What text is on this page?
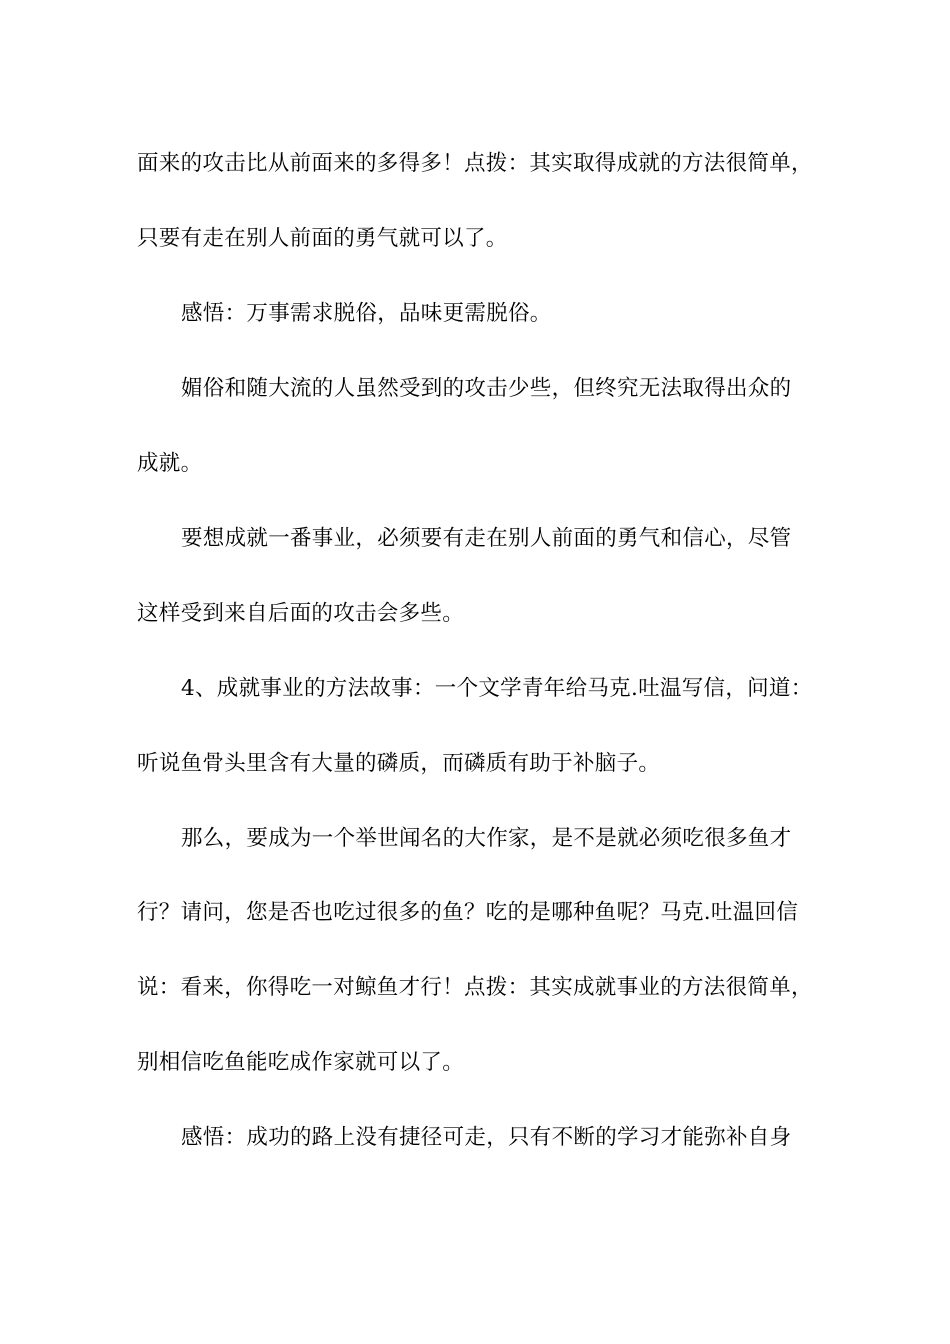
面来的攻击比从前面来的多得多！点拨：其实取得成就的方法很简单，
只要有走在别人前面的勇气就可以了。
感悟：万事需求脱俗，品味更需脱俗。
媚俗和随大流的人虽然受到的攻击少些，但终究无法取得出众的
成就。
要想成就一番事业，必须要有走在别人前面的勇气和信心，尽管
这样受到来自后面的攻击会多些。
4、成就事业的方法故事：一个文学青年给马克.吐温写信，问道：
听说鱼骨头里含有大量的磷质，而磷质有助于补脑子。
那么，要成为一个举世闻名的大作家，是不是就必须吃很多鱼才
行？请问，您是否也吃过很多的鱼？吃的是哪种鱼呢？马克.吐温回信
说：看来，你得吃一对鲸鱼才行！点拨：其实成就事业的方法很简单，
别相信吃鱼能吃成作家就可以了。
感悟：成功的路上没有捷径可走，只有不断的学习才能弥补自身
